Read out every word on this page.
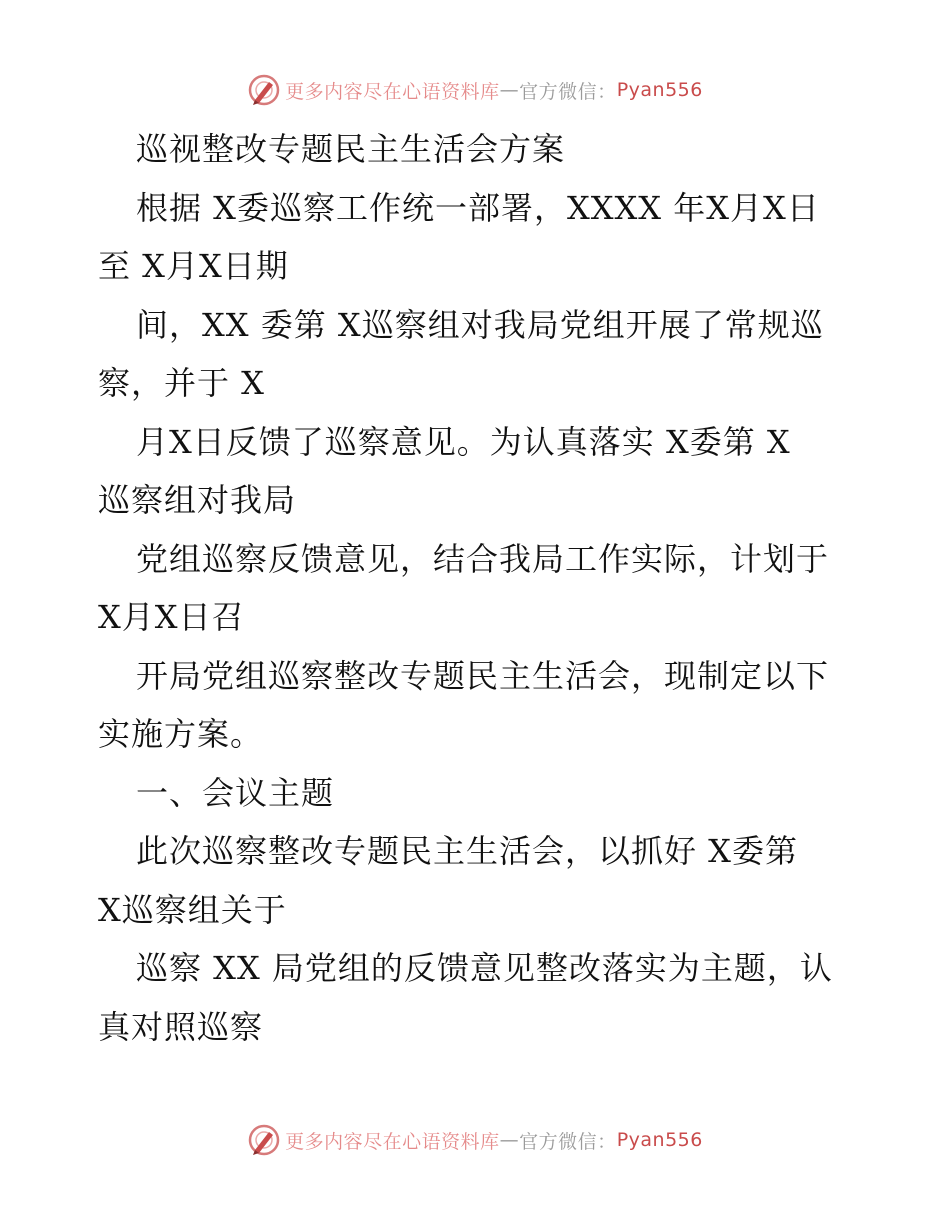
更多内容尽在心语资料库 — 官方微信： Pyan556
巡视整改专题民主生活会方案
根据 X委巡察工作统一部署，XXXX 年X月X日
至 X月X日期
间，XX 委第 X巡察组对我局党组开展了常规巡
察，并于 X
月X日反馈了巡察意见。为认真落实 X委第 X
巡察组对我局
党组巡察反馈意见，结合我局工作实际，计划于
X月X日召
开局党组巡察整改专题民主生活会，现制定以下
实施方案。
一、会议主题
此次巡察整改专题民主生活会，以抓好 X委第
X巡察组关于
巡察 XX 局党组的反馈意见整改落实为主题，认
真对照巡察
更多内容尽在心语资料库 — 官方微信： Pyan556
